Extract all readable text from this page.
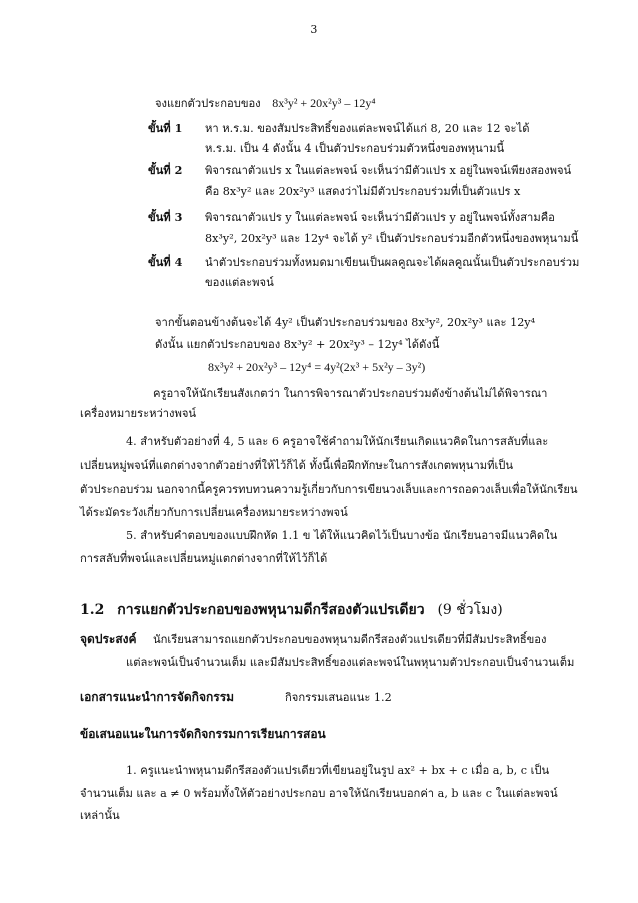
3
จงแยกตัวประกอบของ 8x³y² + 20x²y³ – 12y⁴
ขั้นที่ 1 หา ห.ร.ม. ของสัมประสิทธิ์ของแต่ละพจน์ได้แก่ 8, 20 และ 12 จะได้
ห.ร.ม. เป็น 4 ดังนั้น 4 เป็นตัวประกอบร่วมตัวหนึ่งของพหุนามนี้
ขั้นที่ 2 พิจารณาตัวแปร x ในแต่ละพจน์ จะเห็นว่ามีตัวแปร x อยู่ในพจน์เพียงสองพจน์
คือ 8x³y² และ 20x²y³ แสดงว่าไม่มีตัวประกอบร่วมที่เป็นตัวแปร x
ขั้นที่ 3 พิจารณาตัวแปร y ในแต่ละพจน์ จะเห็นว่ามีตัวแปร y อยู่ในพจน์ทั้งสามคือ
8x³y², 20x²y³ และ 12y⁴ จะได้ y² เป็นตัวประกอบร่วมอีกตัวหนึ่งของพหุนามนี้
ขั้นที่ 4 นำตัวประกอบร่วมทั้งหมดมาเขียนเป็นผลคูณจะได้ผลคูณนั้นเป็นตัวประกอบร่วม
ของแต่ละพจน์
จากขั้นตอนข้างต้นจะได้ 4y² เป็นตัวประกอบร่วมของ 8x³y², 20x²y³ และ 12y⁴
ดังนั้น แยกตัวประกอบของ 8x³y² + 20x²y³ – 12y⁴ ได้ดังนี้
8x³y² + 20x²y³ – 12y⁴ = 4y²(2x³ + 5x²y – 3y²)
ครูอาจให้นักเรียนสังเกตว่า ในการพิจารณาตัวประกอบร่วมดังข้างต้นไม่ได้พิจารณา
เครื่องหมายระหว่างพจน์
4. สำหรับตัวอย่างที่ 4, 5 และ 6 ครูอาจใช้คำถามให้นักเรียนเกิดแนวคิดในการสลับที่และ
เปลี่ยนหมู่พจน์ที่แตกต่างจากตัวอย่างที่ให้ไว้ก็ได้ ทั้งนี้เพื่อฝึกทักษะในการสังเกตพหุนามที่เป็น
ตัวประกอบร่วม นอกจากนี้ครูควรทบทวนความรู้เกี่ยวกับการเขียนวงเล็บและการถอดวงเล็บเพื่อให้นักเรียน
ได้ระมัดระวังเกี่ยวกับการเปลี่ยนเครื่องหมายระหว่างพจน์
5. สำหรับคำตอบของแบบฝึกหัด 1.1 ข ได้ให้แนวคิดไว้เป็นบางข้อ นักเรียนอาจมีแนวคิดใน
การสลับที่พจน์และเปลี่ยนหมู่แตกต่างจากที่ให้ไว้ก็ได้
1.2 การแยกตัวประกอบของพหุนามดีกรีสองตัวแปรเดียว (9 ชั่วโมง)
จุดประสงค์ นักเรียนสามารถแยกตัวประกอบของพหุนามดีกรีสองตัวแปรเดียวที่มีสัมประสิทธิ์ของ
แต่ละพจน์เป็นจำนวนเต็ม และมีสัมประสิทธิ์ของแต่ละพจน์ในพหุนามตัวประกอบเป็นจำนวนเต็ม
เอกสารแนะนำการจัดกิจกรรม	กิจกรรมเสนอแนะ 1.2
ข้อเสนอแนะในการจัดกิจกรรมการเรียนการสอน
1. ครูแนะนำพหุนามดีกรีสองตัวแปรเดียวที่เขียนอยู่ในรูป ax² + bx + c เมื่อ a, b, c เป็น
จำนวนเต็ม และ a ≠ 0 พร้อมทั้งให้ตัวอย่างประกอบ อาจให้นักเรียนบอกค่า a, b และ c ในแต่ละพจน์
เหล่านั้น
